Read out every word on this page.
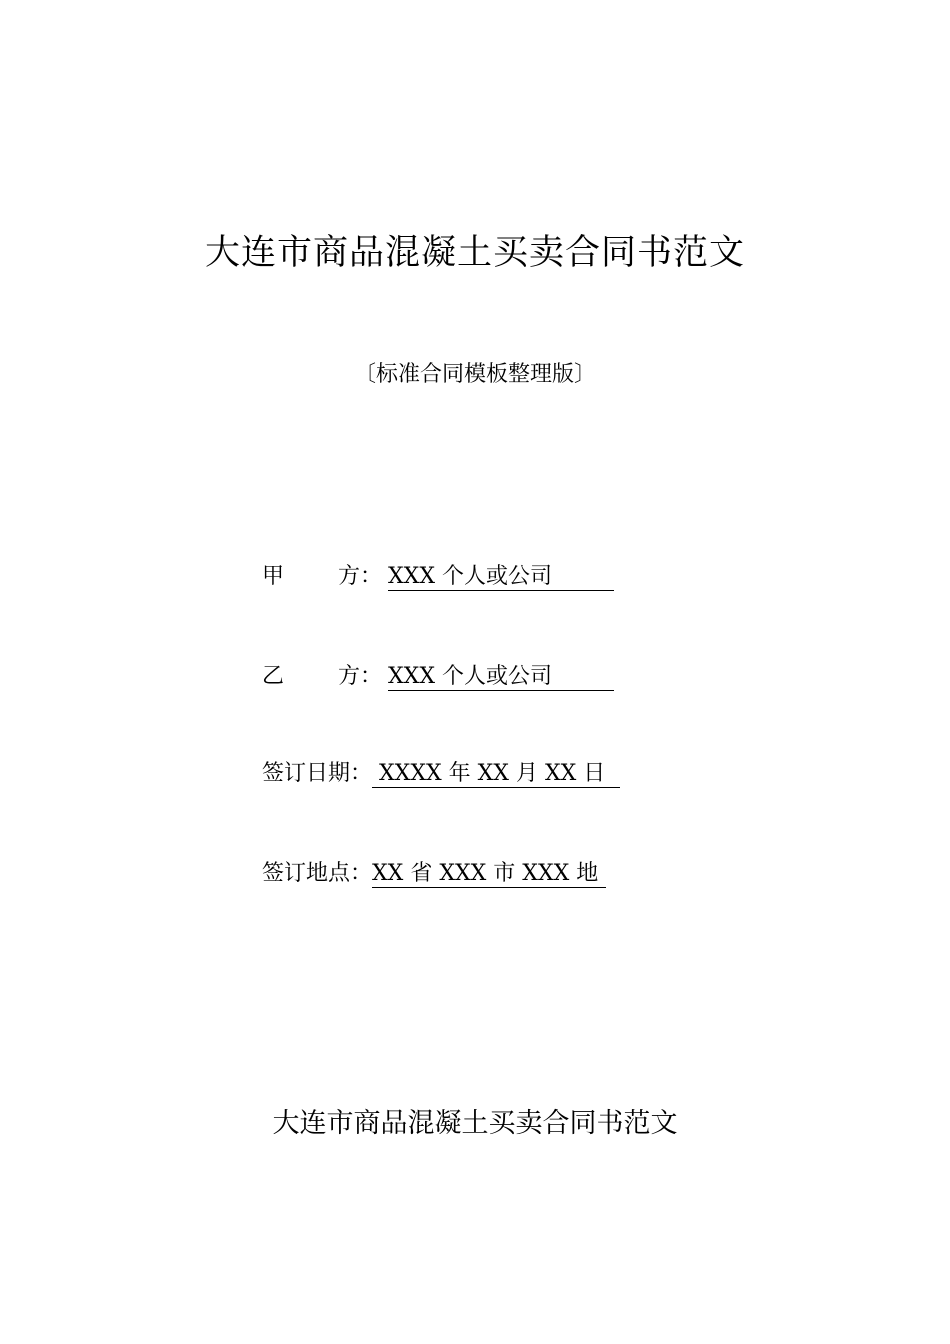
大连市商品混凝土买卖合同书范文
〔标准合同模板整理版〕
甲 方： XXX 个人或公司
乙 方： XXX 个人或公司
签订日期： XXXX 年 XX 月 XX 日
签订地点：XX 省 XXX 市 XXX 地
大连市商品混凝土买卖合同书范文
